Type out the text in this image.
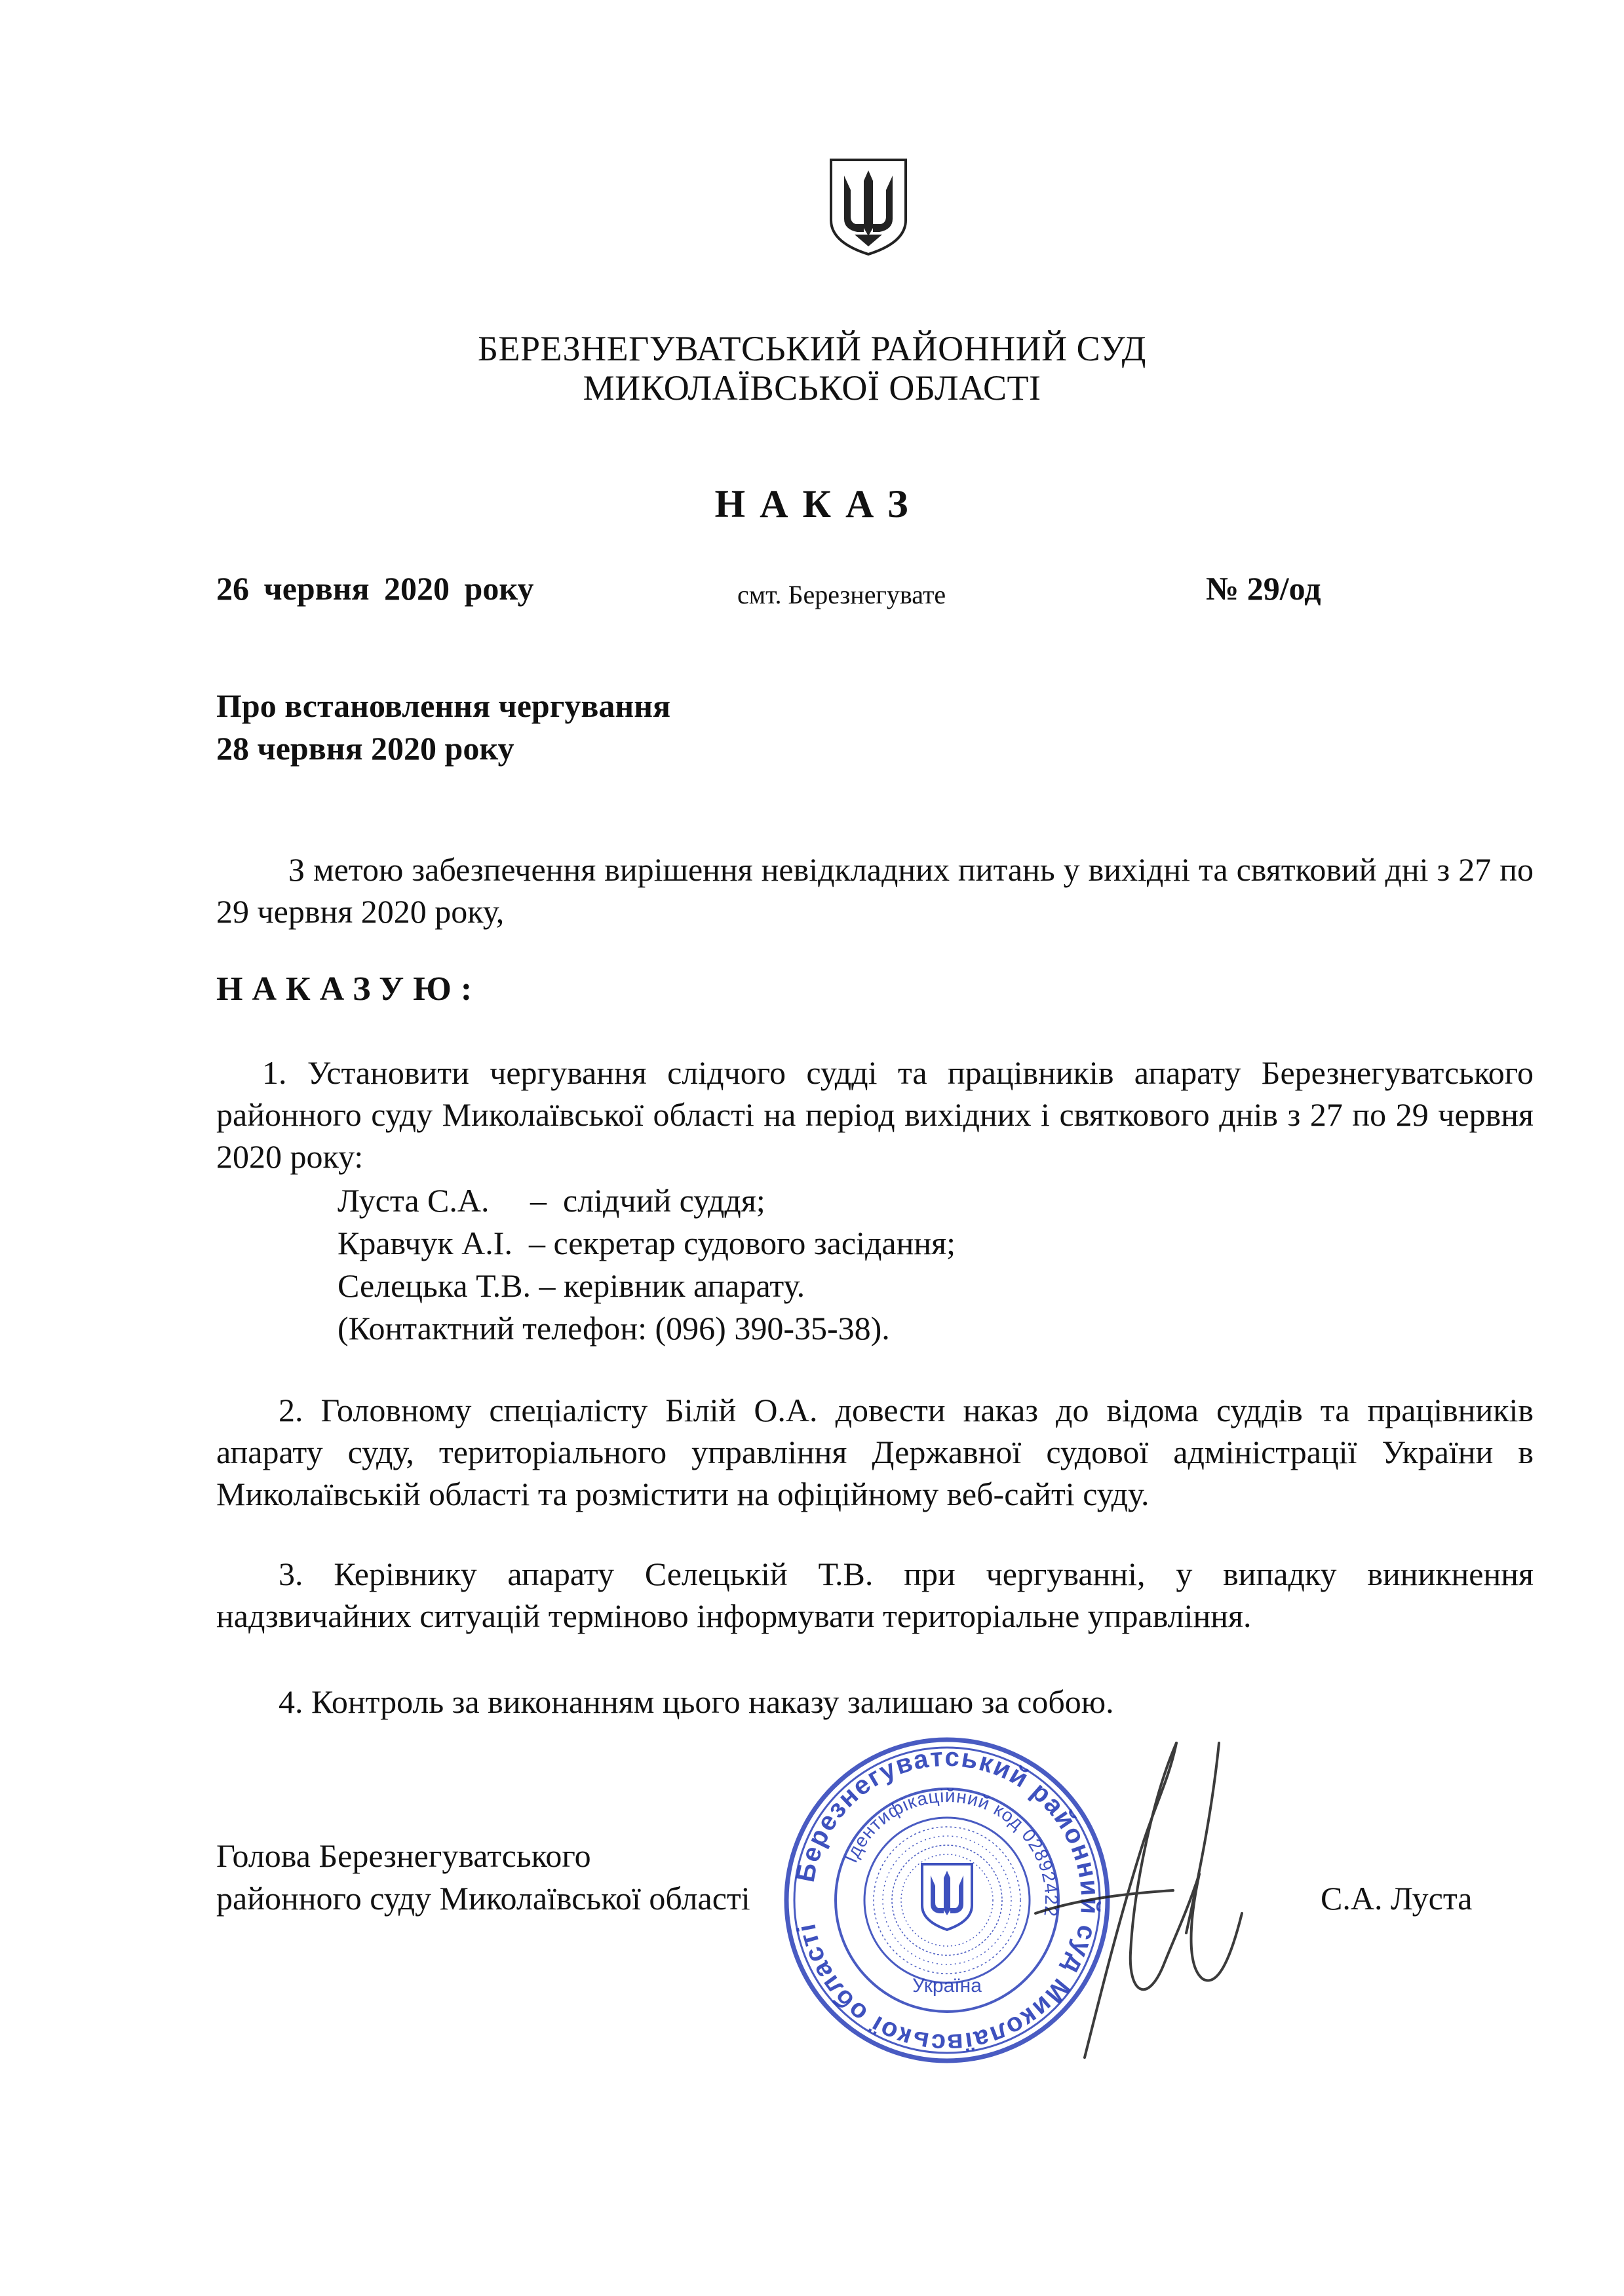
БЕРЕЗНЕГУВАТСЬКИЙ РАЙОННИЙ СУД
МИКОЛАЇВСЬКОЇ ОБЛАСТІ
НАКАЗ
26 червня 2020 року	смт. Березнегувате	№ 29/од
Про встановлення чергування
28 червня 2020 року
З метою забезпечення вирішення невідкладних питань у вихідні та святковий дні з 27 по 29 червня 2020 року,
НАКАЗУЮ:
1. Установити чергування слідчого судді та працівників апарату Березнегуватського районного суду Миколаївської області на період вихідних і святкового днів з 27 по 29 червня 2020 року:
Луста С.А.     –  слідчий суддя;
Кравчук А.І.  – секретар судового засідання;
Селецька Т.В. – керівник апарату.
(Контактний телефон: (096) 390-35-38).
2. Головному спеціалісту Білій О.А. довести наказ до відома суддів та працівників апарату суду, територіального управління Державної судової адміністрації України в Миколаївській області та розмістити на офіційному веб-сайті суду.
3. Керівнику апарату Селецькій Т.В. при чергуванні, у випадку виникнення надзвичайних ситуацій терміново інформувати територіальне управління.
4. Контроль за виконанням цього наказу залишаю за собою.
Голова Березнегуватського
районного суду Миколаївської області	С.А. Луста
Березнегуватський районний суд Миколаївської області
Ідентифікаційний код 02892422
Україна
